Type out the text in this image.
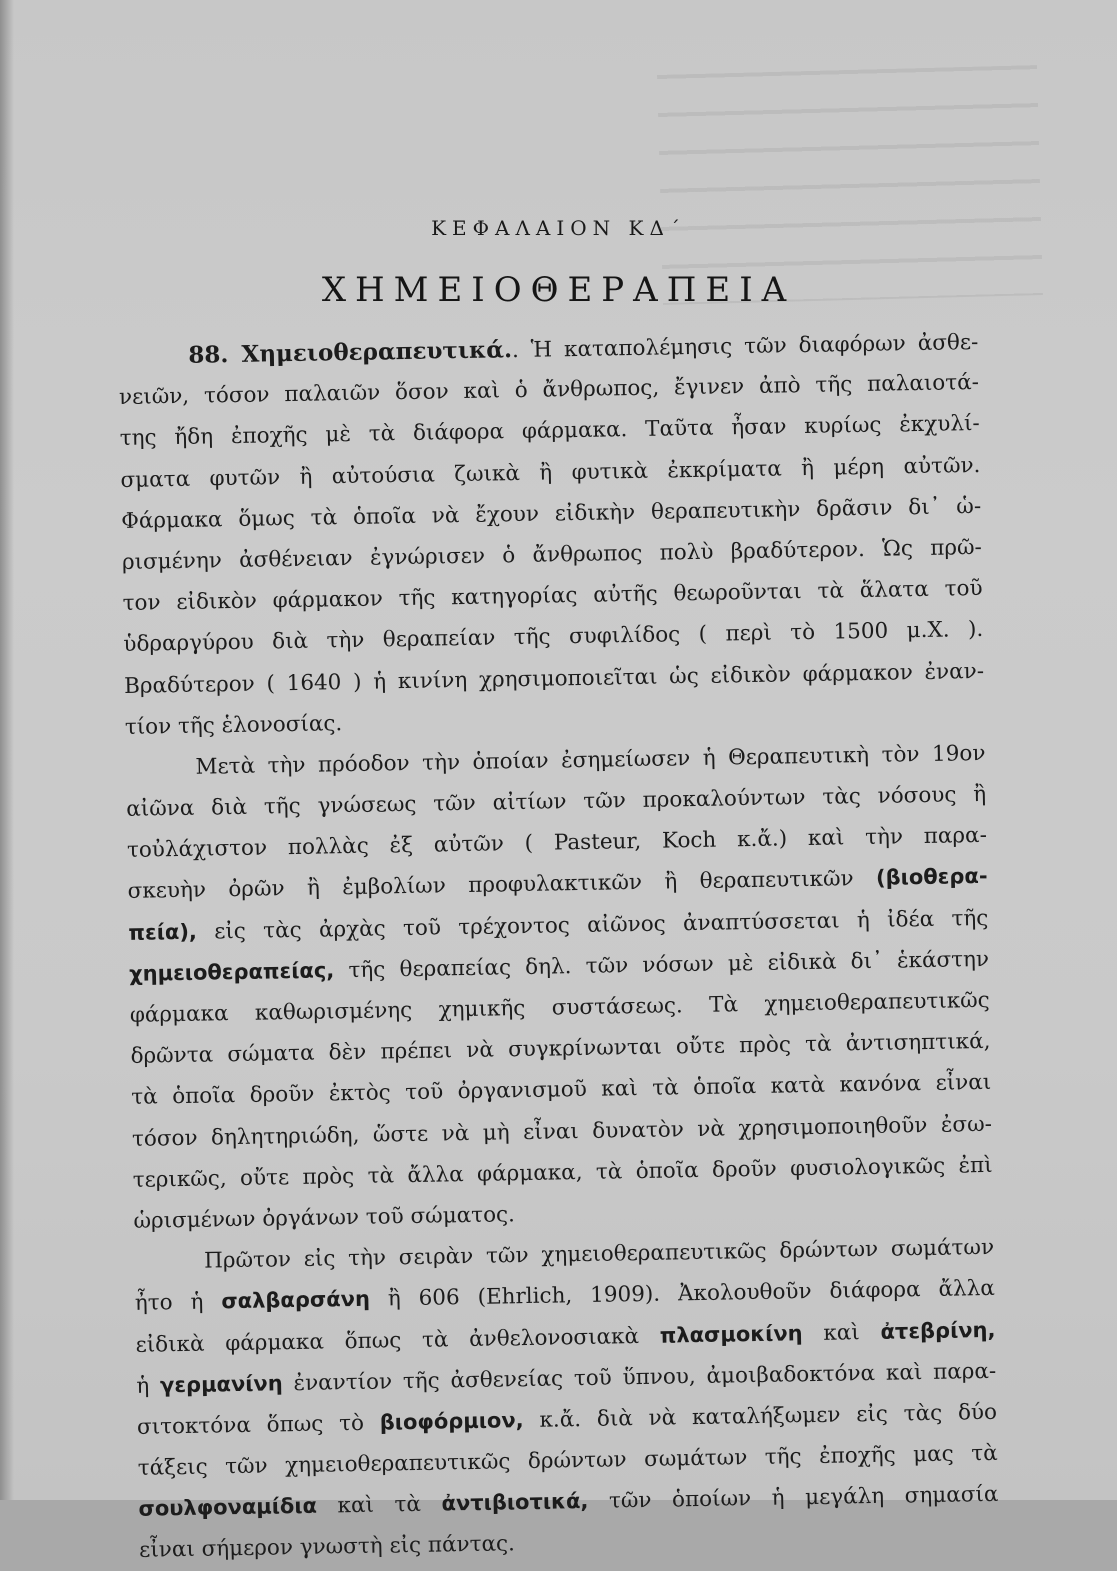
ΚΕΦΑΛΑΙΟΝ ΚΔ΄
ΧΗΜΕΙΟΘΕΡΑΠΕΙΑ
88. Χημειοθεραπευτικά.. Ἡ καταπολέμησις τῶν διαφόρων ἀσθε-
νειῶν, τόσον παλαιῶν ὅσον καὶ ὁ ἄνθρωπος, ἔγινεν ἀπὸ τῆς παλαιοτά-
της ἤδη ἐποχῆς μὲ τὰ διάφορα φάρμακα. Ταῦτα ἦσαν κυρίως ἐκχυλί-
σματα φυτῶν ἢ αὐτούσια ζωικὰ ἢ φυτικὰ ἐκκρίματα ἢ μέρη αὐτῶν.
Φάρμακα ὅμως τὰ ὁποῖα νὰ ἔχουν εἰδικὴν θεραπευτικὴν δρᾶσιν δι᾽ ὡ-
ρισμένην ἀσθένειαν ἐγνώρισεν ὁ ἄνθρωπος πολὺ βραδύτερον. Ὡς πρῶ-
τον εἰδικὸν φάρμακον τῆς κατηγορίας αὐτῆς θεωροῦνται τὰ ἅλατα τοῦ
ὑδραργύρου διὰ τὴν θεραπείαν τῆς συφιλίδος ( περὶ τὸ 1500 μ.Χ. ).
Βραδύτερον ( 1640 ) ἡ κινίνη χρησιμοποιεῖται ὡς εἰδικὸν φάρμακον ἐναν-
τίον τῆς ἑλονοσίας.
Μετὰ τὴν πρόοδον τὴν ὁποίαν ἐσημείωσεν ἡ Θεραπευτικὴ τὸν 19ον
αἰῶνα διὰ τῆς γνώσεως τῶν αἰτίων τῶν προκαλούντων τὰς νόσους ἢ
τοὐλάχιστον πολλὰς ἐξ αὐτῶν ( Pasteur, Koch κ.ἄ.) καὶ τὴν παρα-
σκευὴν ὀρῶν ἢ ἐμβολίων προφυλακτικῶν ἢ θεραπευτικῶν (βιοθερα-
πεία), εἰς τὰς ἀρχὰς τοῦ τρέχοντος αἰῶνος ἀναπτύσσεται ἡ ἰδέα τῆς
χημειοθεραπείας, τῆς θεραπείας δηλ. τῶν νόσων μὲ εἰδικὰ δι᾽ ἑκάστην
φάρμακα καθωρισμένης χημικῆς συστάσεως. Τὰ χημειοθεραπευτικῶς
δρῶντα σώματα δὲν πρέπει νὰ συγκρίνωνται οὔτε πρὸς τὰ ἀντισηπτικά,
τὰ ὁποῖα δροῦν ἐκτὸς τοῦ ὀργανισμοῦ καὶ τὰ ὁποῖα κατὰ κανόνα εἶναι
τόσον δηλητηριώδη, ὥστε νὰ μὴ εἶναι δυνατὸν νὰ χρησιμοποιηθοῦν ἐσω-
τερικῶς, οὔτε πρὸς τὰ ἄλλα φάρμακα, τὰ ὁποῖα δροῦν φυσιολογικῶς ἐπὶ
ὡρισμένων ὀργάνων τοῦ σώματος.
Πρῶτον εἰς τὴν σειρὰν τῶν χημειοθεραπευτικῶς δρώντων σωμάτων
ἦτο ἡ σαλβαρσάνη ἢ 606 (Ehrlich, 1909). Ἀκολουθοῦν διάφορα ἄλλα
εἰδικὰ φάρμακα ὅπως τὰ ἀνθελονοσιακὰ πλασμοκίνη καὶ ἀτεβρίνη,
ἡ γερμανίνη ἐναντίον τῆς ἀσθενείας τοῦ ὕπνου, ἀμοιβαδοκτόνα καὶ παρα-
σιτοκτόνα ὅπως τὸ βιοφόρμιον, κ.ἄ. διὰ νὰ καταλήξωμεν εἰς τὰς δύο
τάξεις τῶν χημειοθεραπευτικῶς δρώντων σωμάτων τῆς ἐποχῆς μας τὰ
σουλφοναμίδια καὶ τὰ ἀντιβιοτικά, τῶν ὁποίων ἡ μεγάλη σημασία
εἶναι σήμερον γνωστὴ εἰς πάντας.
